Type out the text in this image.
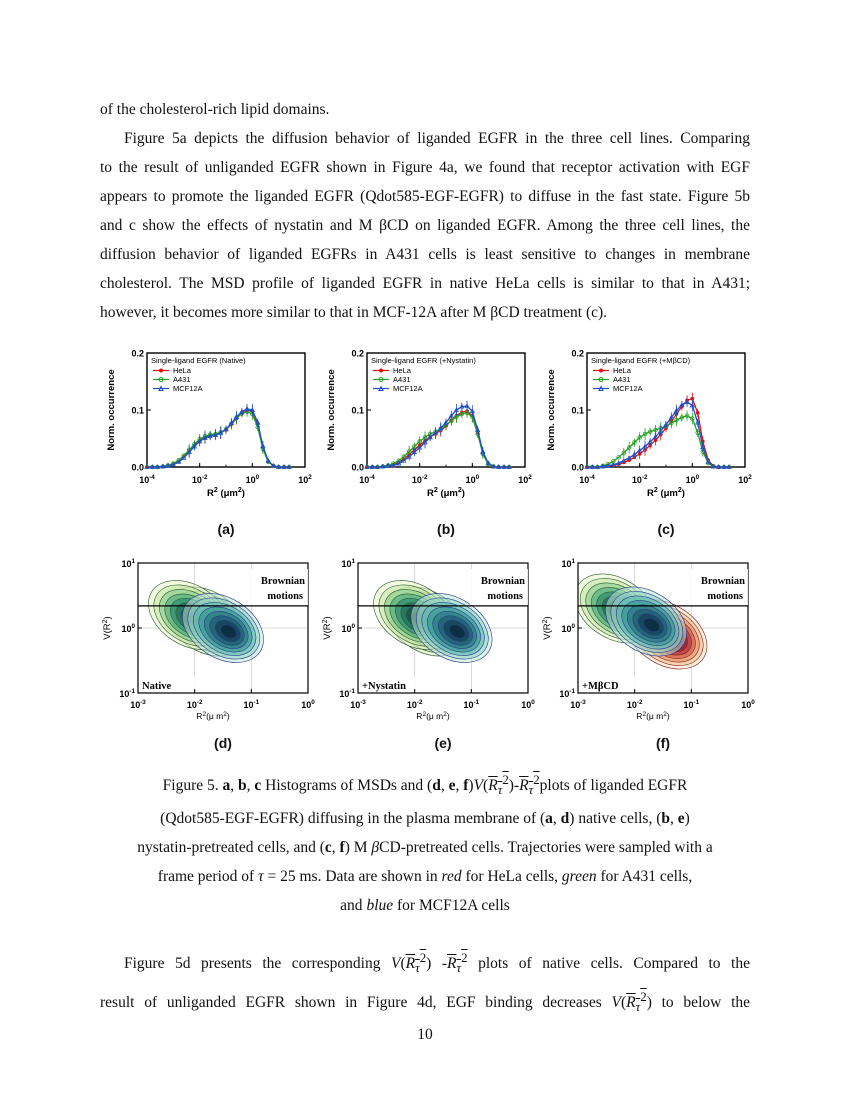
of the cholesterol-rich lipid domains.
Figure 5a depicts the diffusion behavior of liganded EGFR in the three cell lines. Comparing
to the result of unliganded EGFR shown in Figure 4a, we found that receptor activation with EGF
appears to promote the liganded EGFR (Qdot585-EGF-EGFR) to diffuse in the fast state. Figure 5b
and c show the effects of nystatin and M βCD on liganded EGFR. Among the three cell lines, the
diffusion behavior of liganded EGFRs in A431 cells is least sensitive to changes in membrane
cholesterol. The MSD profile of liganded EGFR in native HeLa cells is similar to that in A431;
however, it becomes more similar to that in MCF-12A after M βCD treatment (c).
0.2
0.1
0.0
$10^{-4}$	$10^{-2}$	$10^0$	$10^2$
Norm. occurrence
$R^2$ $(\mu m^2)$
Single-ligand EGFR (Native)
HeLa
A431
MCF12A
(a)
0.2
0.1
0.0
$10^{-4}$	$10^{-2}$	$10^0$	$10^2$
Norm. occurrence
$R^2$ $(\mu m^2)$
Single-ligand EGFR (+Nystatin)
HeLa
A431
MCF12A
(b)
0.2
0.1
0.0
$10^{-4}$	$10^{-2}$	$10^0$	$10^2$
Norm. occurrence
$R^2$ $(\mu m^2)$
Single-ligand EGFR (+MβCD)
HeLa
A431
MCF12A
(c)
Brownian
motions
Native
$10^1$
$10^0$
$10^{-1}$
$10^{-3}$	$10^{-2}$	$10^{-1}$	$10^0$
$V(R^2)$
$R^2(\mu$ $m^2$)
(d)
Brownian
motions
+Nystatin
$10^1$
$10^0$
$10^{-1}$
$10^{-3}$	$10^{-2}$	$10^{-1}$	$10^0$
$V(R^2)$
$R^2(\mu$ $m^2$)
(e)
Brownian
motions
+MβCD
$10^1$
$10^0$
$10^{-1}$
$10^{-3}$	$10^{-2}$	$10^{-1}$	$10^0$
$V(R^2)$
$R^2(\mu$ $m^2$)
(f)
Figure 5. a, b, c Histograms of MSDs and (d, e, $f)V(R_\tau^2)-R_\tau^2plots$ of liganded EGFR
(Qdot585-EGF-EGFR) diffusing in the plasma membrane of (a, d) native cells, (b, e)
nystatin-pretreated cells, and (c, f) M βCD-pretreated cells. Trajectories were sampled with a
frame period of τ = 25 ms. Data are shown in red for HeLa cells, green for A431 cells,
and blue for MCF12A cells
Figure 5d presents the corresponding $V(R_\tau^2)$ $-R_\tau^2$ plots of native cells. Compared to the
result of unliganded EGFR shown in Figure 4d, EGF binding decreases $V(R_\tau^2)$ to below the
10
